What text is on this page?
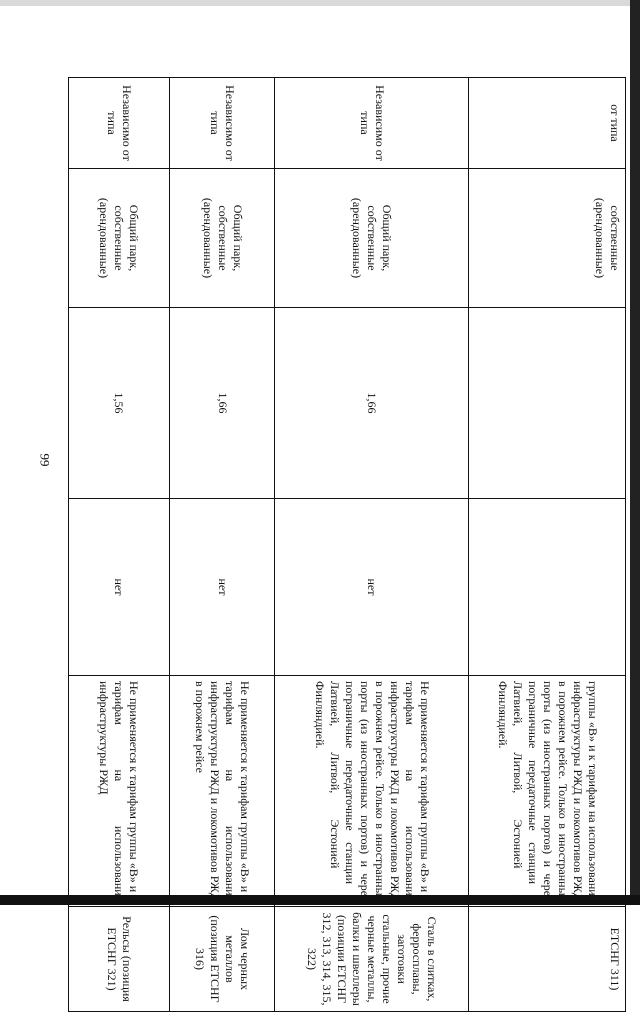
99
от типа	собственные (арендованные)			группы «В» и к тарифам на использование инфраструктуры РЖД и локомотивов РЖД в порожнем рейсе. Только в иностранные порты (из иностранных портов) и через пограничные передаточные станции с Латвией, Литвой, Эстонией и Финляндией.	ЕТСНГ 311)
Независимо от типа	Общий парк, собственные (арендованные)	1,66	нет	Не применяется к тарифам группы «В» и к тарифам на использование инфраструктуры РЖД и локомотивов РЖД в порожнем рейсе. Только в иностранные порты (из иностранных портов) и через пограничные передаточные станции с Латвией, Литвой, Эстонией и Финляндией.	Сталь в слитках, ферросплавы, заготовки стальные, прочие черные металлы, балки и швеллеры (позиции ЕТСНГ 312, 313, 314, 315, 322)
Независимо от типа	Общий парк, собственные (арендованные)	1,66	нет	Не применяется к тарифам группы «В» и к тарифам на использование инфраструктуры РЖД и локомотивов РЖД в порожнем рейсе	Лом черных металлов (позиция ЕТСНГ 316)
Независимо от типа	Общий парк, собственные (арендованные)	1,56	нет	Не применяется к тарифам группы «В» и к тарифам на использование инфраструктуры РЖД	Рельсы (позиция ЕТСНГ 321)
